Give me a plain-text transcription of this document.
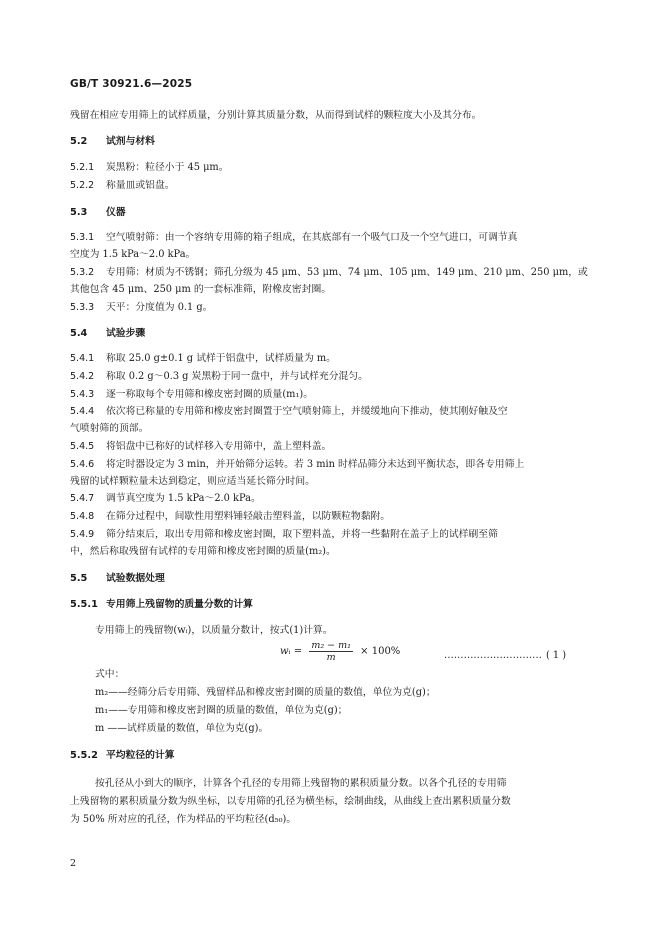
GB/T 30921.6—2025
残留在相应专用筛上的试样质量，分别计算其质量分数，从而得到试样的颗粒度大小及其分布。
5.2 试剂与材料
5.2.1 炭黑粉：粒径小于 45 μm。
5.2.2 称量皿或铝盘。
5.3 仪器
5.3.1 空气喷射筛：由一个容纳专用筛的箱子组成，在其底部有一个吸气口及一个空气进口，可调节真
空度为 1.5 kPa～2.0 kPa。
5.3.2 专用筛：材质为不锈钢；筛孔分级为 45 μm、53 μm、74 μm、105 μm、149 μm、210 μm、250 μm，或
其他包含 45 μm、250 μm 的一套标准筛，附橡皮密封圈。
5.3.3 天平：分度值为 0.1 g。
5.4 试验步骤
5.4.1 称取 25.0 g±0.1 g 试样于铝盘中，试样质量为 m。
5.4.2 称取 0.2 g～0.3 g 炭黑粉于同一盘中，并与试样充分混匀。
5.4.3 逐一称取每个专用筛和橡皮密封圈的质量(m₁)。
5.4.4 依次将已称量的专用筛和橡皮密封圈置于空气喷射筛上，并缓缓地向下推动，使其刚好触及空
气喷射筛的顶部。
5.4.5 将铝盘中已称好的试样移入专用筛中，盖上塑料盖。
5.4.6 将定时器设定为 3 min，并开始筛分运转。若 3 min 时样品筛分未达到平衡状态，即各专用筛上
残留的试样颗粒量未达到稳定，则应适当延长筛分时间。
5.4.7 调节真空度为 1.5 kPa～2.0 kPa。
5.4.8 在筛分过程中，间歇性用塑料锤轻敲击塑料盖，以防颗粒物黏附。
5.4.9 筛分结束后，取出专用筛和橡皮密封圈，取下塑料盖，并将一些黏附在盖子上的试样刷至筛
中，然后称取残留有试样的专用筛和橡皮密封圈的质量(m₂)。
5.5 试验数据处理
5.5.1 专用筛上残留物的质量分数的计算
专用筛上的残留物(wᵢ)，以质量分数计，按式(1)计算。
wᵢ = $\frac{\text{m₂ − m₁}}{m} \times 100\%$	………………………… ( 1 )
式中：
m₂——经筛分后专用筛、残留样品和橡皮密封圈的质量的数值，单位为克(g)；
m₁——专用筛和橡皮密封圈的质量的数值，单位为克(g)；
m ——试样质量的数值，单位为克(g)。
5.5.2 平均粒径的计算
按孔径从小到大的顺序，计算各个孔径的专用筛上残留物的累积质量分数。以各个孔径的专用筛
上残留物的累积质量分数为纵坐标，以专用筛的孔径为横坐标，绘制曲线，从曲线上查出累积质量分数
为 50% 所对应的孔径，作为样品的平均粒径(d₅₀)。
2
